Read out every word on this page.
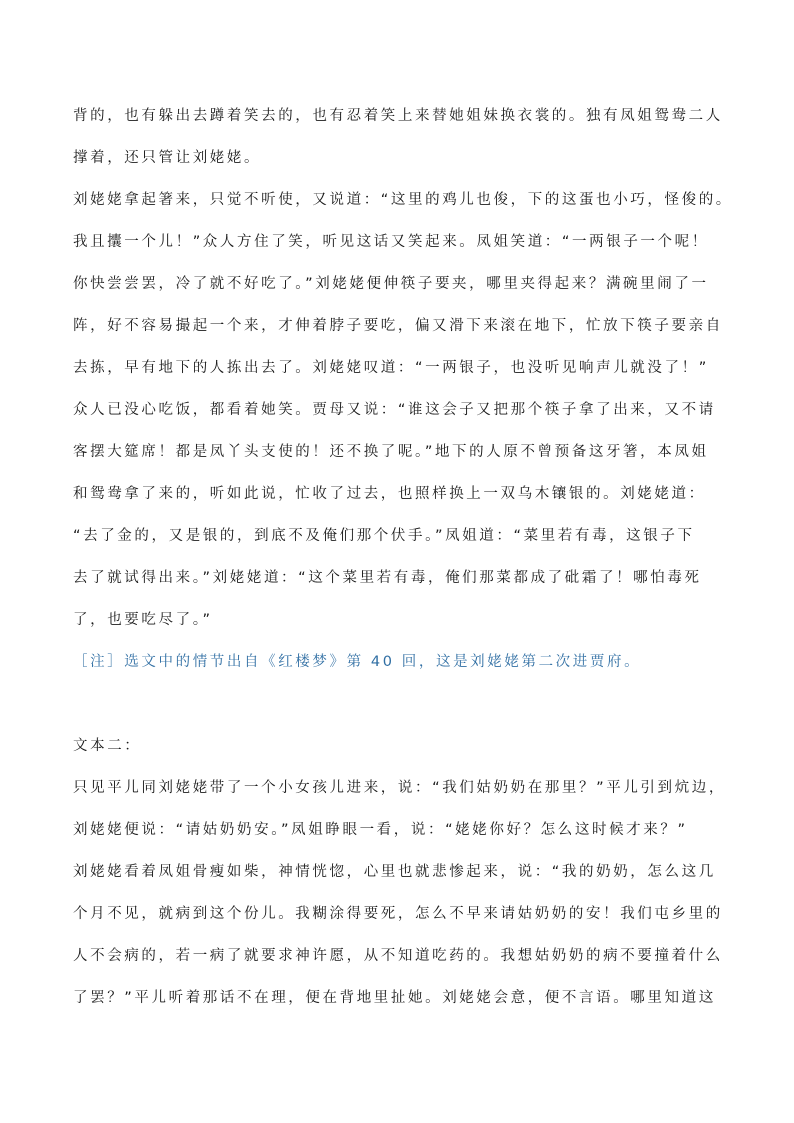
背的，也有躲出去蹲着笑去的，也有忍着笑上来替她姐妹换衣裳的。独有凤姐鸳鸯二人
撑着，还只管让刘姥姥。
刘姥姥拿起箸来，只觉不听使，又说道：“这里的鸡儿也俊，下的这蛋也小巧，怪俊的。
我且攮一个儿！”众人方住了笑，听见这话又笑起来。凤姐笑道：“一两银子一个呢！
你快尝尝罢，冷了就不好吃了。”刘姥姥便伸筷子要夹，哪里夹得起来？满碗里闹了一
阵，好不容易撮起一个来，才伸着脖子要吃，偏又滑下来滚在地下，忙放下筷子要亲自
去拣，早有地下的人拣出去了。刘姥姥叹道：“一两银子，也没听见响声儿就没了！”
众人已没心吃饭，都看着她笑。贾母又说：“谁这会子又把那个筷子拿了出来，又不请
客摆大筵席！都是凤丫头支使的！还不换了呢。”地下的人原不曾预备这牙箸，本凤姐
和鸳鸯拿了来的，听如此说，忙收了过去，也照样换上一双乌木镶银的。刘姥姥道：
“去了金的，又是银的，到底不及俺们那个伏手。”凤姐道：“菜里若有毒，这银子下
去了就试得出来。”刘姥姥道：“这个菜里若有毒，俺们那菜都成了砒霜了！哪怕毒死
了，也要吃尽了。”
［注］选文中的情节出自《红楼梦》第 40 回，这是刘姥姥第二次进贾府。
文本二：
只见平儿同刘姥姥带了一个小女孩儿进来，说：“我们姑奶奶在那里？”平儿引到炕边，
刘姥姥便说：“请姑奶奶安。”凤姐睁眼一看，说：“姥姥你好？怎么这时候才来？”
刘姥姥看着凤姐骨瘦如柴，神情恍惚，心里也就悲惨起来，说：“我的奶奶，怎么这几
个月不见，就病到这个份儿。我糊涂得要死，怎么不早来请姑奶奶的安！我们屯乡里的
人不会病的，若一病了就要求神许愿，从不知道吃药的。我想姑奶奶的病不要撞着什么
了罢？”平儿听着那话不在理，便在背地里扯她。刘姥姥会意，便不言语。哪里知道这
